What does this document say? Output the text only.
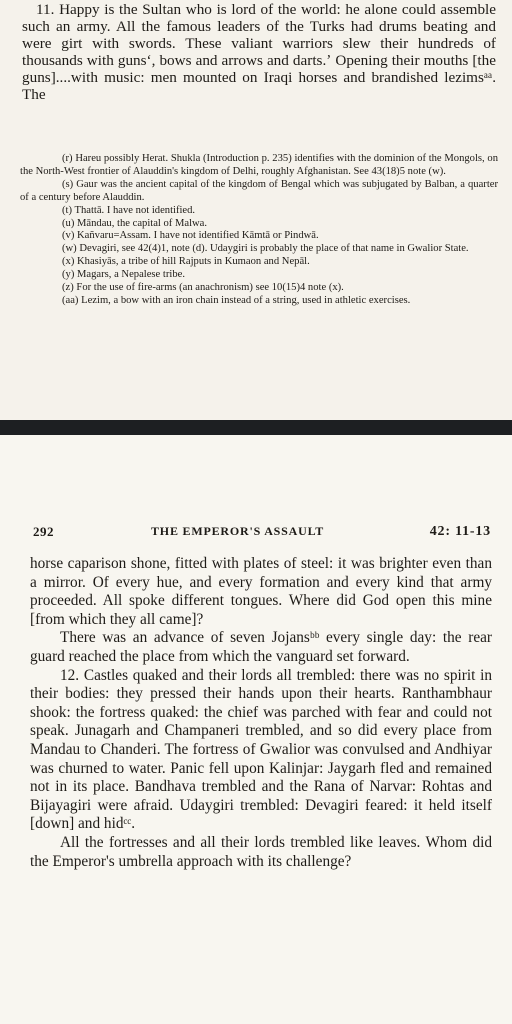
11. Happy is the Sultan who is lord of the world: he alone could assemble such an army. All the famous leaders of the Turks had drums beating and were girt with swords. These valiant warriors slew their hundreds of thousands with gunsʻ, bows and arrows and darts.ʼ Opening their mouths [the guns]....with music: men mounted on Iraqi horses and brandished lezimsᵃᵃ. The

(r) Hareu possibly Herat. Shukla (Introduction p. 235) identifies with the dominion of the Mongols, on the North-West frontier of Alauddin's kingdom of Delhi, roughly Afghanistan. See 43(18)5 note (w).

(s) Gaur was the ancient capital of the kingdom of Bengal which was subjugated by Balban, a quarter of a century before Alauddin.

(t) Thattā. I have not identified.

(u) Māndau, the capital of Malwa.

(v) Kañvaru=Assam. I have not identified Kāmtā or Pindwā.

(w) Devagiri, see 42(4)1, note (d). Udaygiri is probably the place of that name in Gwalior State.

(x) Khasiyās, a tribe of hill Rajputs in Kumaon and Nepāl.

(y) Magars, a Nepalese tribe.

(z) For the use of fire-arms (an anachronism) see 10(15)4 note (x).

(aa) Lezim, a bow with an iron chain instead of a string, used in athletic exercises.

292	THE EMPEROR'S ASSAULT	42: 11-13

horse caparison shone, fitted with plates of steel: it was brighter even than a mirror. Of every hue, and every formation and every kind that army proceeded. All spoke different tongues. Where did God open this mine [from which they all came]?

There was an advance of seven Jojansᵇᵇ every single day: the rear guard reached the place from which the vanguard set forward.

12. Castles quaked and their lords all trembled: there was no spirit in their bodies: they pressed their hands upon their hearts. Ranthambhaur shook: the fortress quaked: the chief was parched with fear and could not speak. Junagarh and Champaneri trembled, and so did every place from Mandau to Chanderi. The fortress of Gwalior was convulsed and Andhiyar was churned to water. Panic fell upon Kalinjar: Jaygarh fled and remained not in its place. Bandhava trembled and the Rana of Narvar: Rohtas and Bijayagiri were afraid. Udaygiri trembled: Devagiri feared: it held itself [down] and hidᶜᶜ.

All the fortresses and all their lords trembled like leaves. Whom did the Emperor's umbrella approach with its challenge?
